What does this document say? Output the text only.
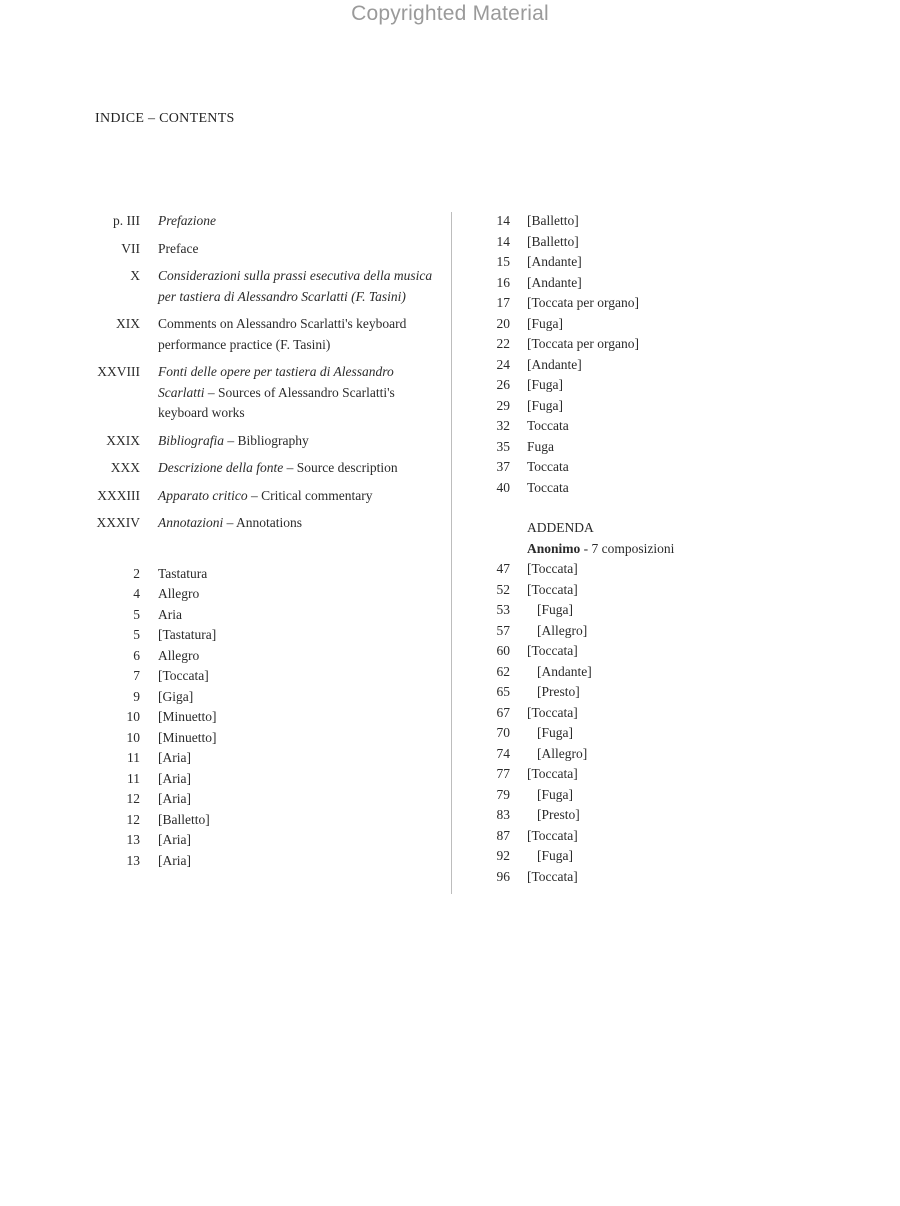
Copyrighted Material
INDICE – CONTENTS
p. III	Prefazione
VII	Preface
X	Considerazioni sulla prassi esecutiva della musica per tastiera di Alessandro Scarlatti (F. Tasini)
XIX	Comments on Alessandro Scarlatti's keyboard performance practice (F. Tasini)
XXVIII	Fonti delle opere per tastiera di Alessandro Scarlatti – Sources of Alessandro Scarlatti's keyboard works
XXIX	Bibliografia – Bibliography
XXX	Descrizione della fonte – Source description
XXXIII	Apparato critico – Critical commentary
XXXIV	Annotazioni – Annotations
2	Tastatura
4	Allegro
5	Aria
5	[Tastatura]
6	Allegro
7	[Toccata]
9	[Giga]
10	[Minuetto]
10	[Minuetto]
11	[Aria]
11	[Aria]
12	[Aria]
12	[Balletto]
13	[Aria]
13	[Aria]
14	[Balletto]
14	[Balletto]
15	[Andante]
16	[Andante]
17	[Toccata per organo]
20	[Fuga]
22	[Toccata per organo]
24	[Andante]
26	[Fuga]
29	[Fuga]
32	Toccata
35	Fuga
37	Toccata
40	Toccata
ADDENDA
Anonimo - 7 composizioni
47	[Toccata]
52	[Toccata]
53	[Fuga]
57	[Allegro]
60	[Toccata]
62	[Andante]
65	[Presto]
67	[Toccata]
70	[Fuga]
74	[Allegro]
77	[Toccata]
79	[Fuga]
83	[Presto]
87	[Toccata]
92	[Fuga]
96	[Toccata]
